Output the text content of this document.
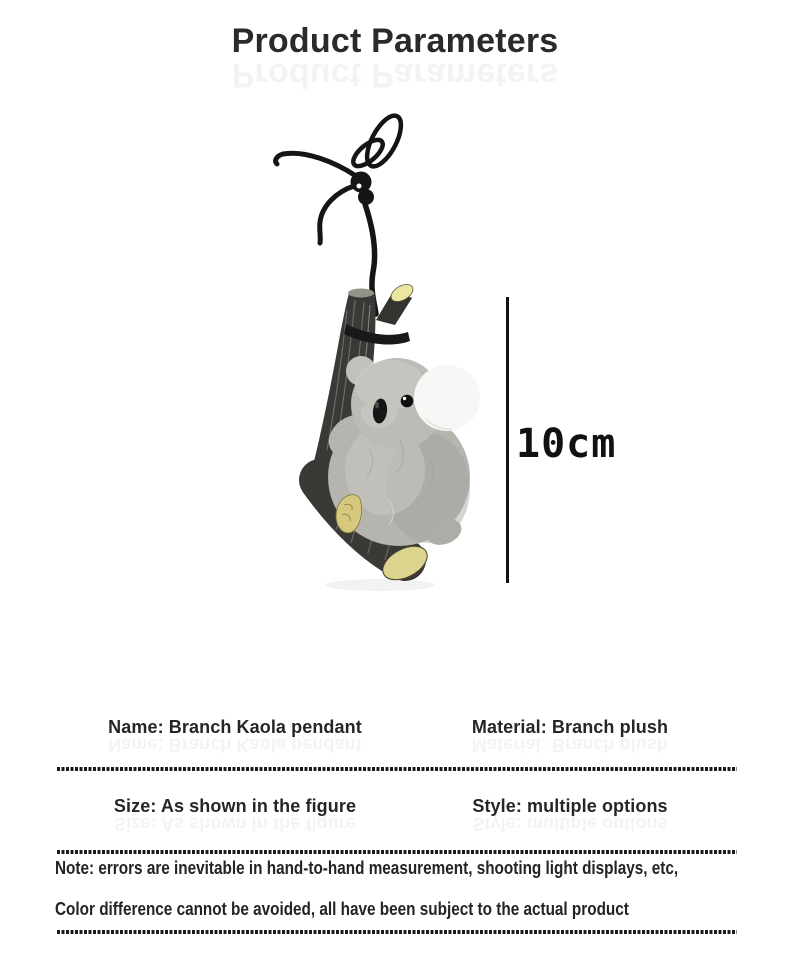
Product Parameters
Product Parameters
10cm
Name: Branch Kaola pendant
Name: Branch Kaola pendant
Material: Branch plush
Material: Branch plush
Size: As shown in the figure
Size: As shown in the figure
Style: multiple options
Style: multiple options
Note: errors are inevitable in hand-to-hand measurement, shooting light displays, etc,
Color difference cannot be avoided, all have been subject to the actual product
